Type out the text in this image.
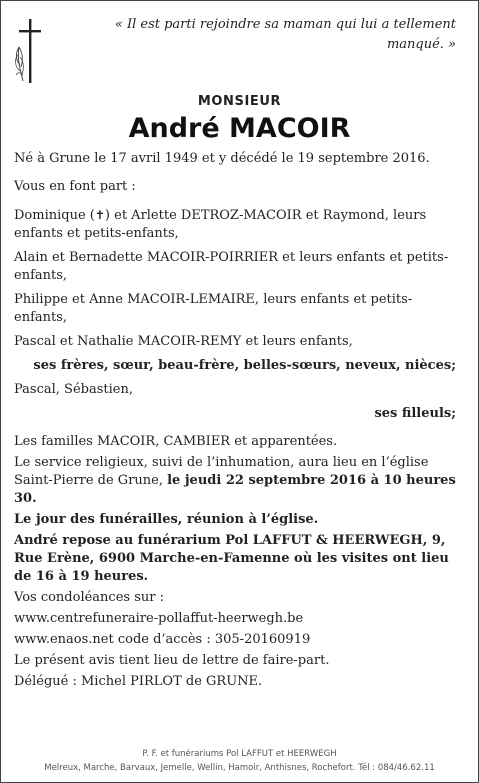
« Il est parti rejoindre sa maman qui lui a tellement manqué. »
MONSIEUR
André MACOIR

Né à Grune le 17 avril 1949 et y décédé le 19 septembre 2016.

Vous en font part :

Dominique (✝) et Arlette DETROZ-MACOIR et Raymond, leurs enfants et petits-enfants,

Alain et Bernadette MACOIR-POIRRIER et leurs enfants et petits-enfants,

Philippe et Anne MACOIR-LEMAIRE, leurs enfants et petits-enfants,

Pascal et Nathalie MACOIR-REMY et leurs enfants,

ses frères, sœur, beau-frère, belles-sœurs, neveux, nièces;

Pascal, Sébastien,

ses filleuls;

Les familles MACOIR, CAMBIER et apparentées.

Le service religieux, suivi de l’inhumation, aura lieu en l’église Saint-Pierre de Grune, le jeudi 22 septembre 2016 à 10 heures 30.

Le jour des funérailles, réunion à l’église.

André repose au funérarium Pol LAFFUT & HEERWEGH, 9, Rue Erène, 6900 Marche-en-Famenne où les visites ont lieu de 16 à 19 heures.

Vos condoléances sur :

www.centrefuneraire-pollaffut-heerwegh.be

www.enaos.net code d’accès : 305-20160919

Le présent avis tient lieu de lettre de faire-part.

Délégué : Michel PIRLOT de GRUNE.

P. F. et funérariums Pol LAFFUT et HEERWEGH
Melreux, Marche, Barvaux, Jemelle, Wellin, Hamoir, Anthisnes, Rochefort. Tél : 084/46.62.11
